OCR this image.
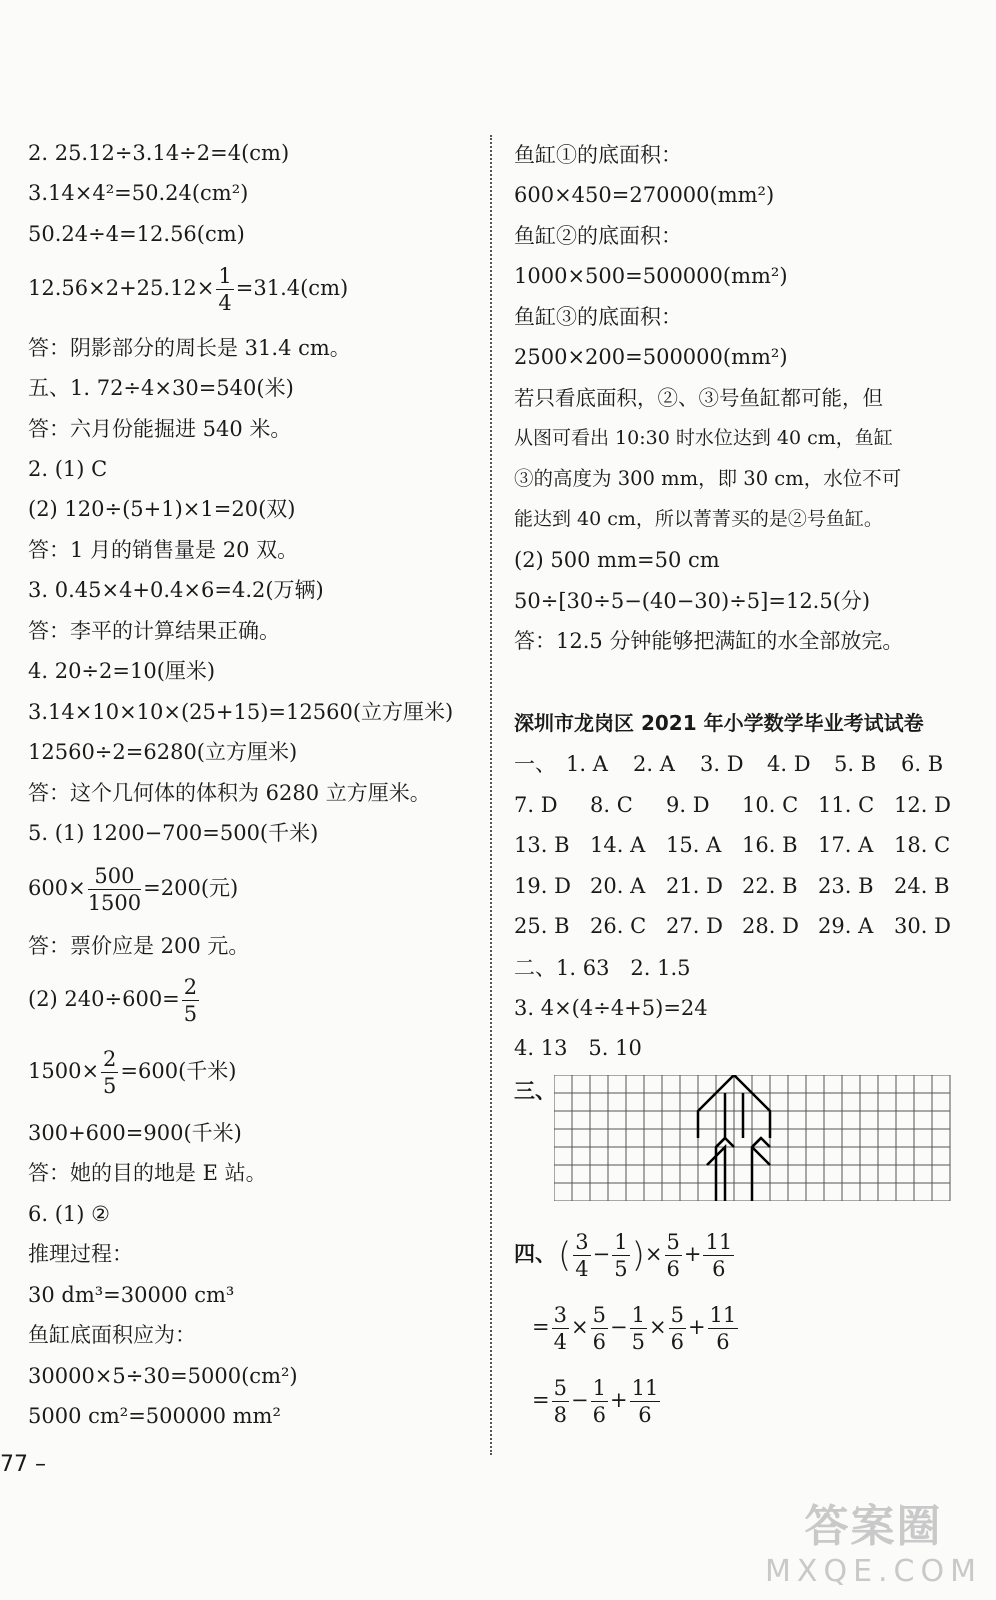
2. 25.12÷3.14÷2=4(cm)
3.14×4²=50.24(cm²)
50.24÷4=12.56(cm)
$12.56\times 2+25.12\times \frac{1}{4} =31.4(cm)$
答：阴影部分的周长是 31.4 cm。
五、1. 72÷4×30=540(米)
答：六月份能掘进 540 米。
2. (1) C
(2) 120÷(5+1)×1=20(双)
答：1 月的销售量是 20 双。
3. 0.45×4+0.4×6=4.2(万辆)
答：李平的计算结果正确。
4. 20÷2=10(厘米)
3.14×10×10×(25+15)=12560(立方厘米)
12560÷2=6280(立方厘米)
答：这个几何体的体积为 6280 立方厘米。
5. (1) 1200−700=500(千米)
$600\times \frac{500}{1500} =200$(元)
答：票价应是 200 元。
(2) $240\div 600= \frac{2}{5}$
$1500\times \frac{2}{5} =600$(千米)
300+600=900(千米)
答：她的目的地是 E 站。
6. (1) ②
推理过程：
30 dm³=30000 cm³
鱼缸底面积应为：
30000×5÷30=5000(cm²)
5000 cm²=500000 mm²
鱼缸①的底面积：
600×450=270000(mm²)
鱼缸②的底面积：
1000×500=500000(mm²)
鱼缸③的底面积：
2500×200=500000(mm²)
若只看底面积，②、③号鱼缸都可能，但
从图可看出 10:30 时水位达到 40 cm，鱼缸
③的高度为 300 mm，即 30 cm，水位不可
能达到 40 cm，所以菁菁买的是②号鱼缸。
(2) 500 mm=50 cm
50÷[30÷5−(40−30)÷5]=12.5(分)
答：12.5 分钟能够把满缸的水全部放完。
深圳市龙岗区 2021 年小学数学毕业考试试卷
一、 1. A	2. A	3. D	4. D	5. B	6. B
7. D	8. C	9. D	10. C 11. C 12. D
13. B 14. A 15. A 16. B 17. A 18. C
19. D 20. A 21. D 22. B 23. B 24. B
25. B 26. C 27. D 28. D 29. A 30. D
二、1. 63　2. 1.5
3. 4×(4÷4+5)=24
4. 13　5. 10
三、
四、 ( $\frac{3}{4} - \frac{1}{5}$ )× $\frac{5}{6} + \frac{11}{6}$
= $\frac{3}{4} \times \frac{5}{6} - \frac{1}{5} \times \frac{5}{6} + \frac{11}{6}$
= $\frac{5}{8} - \frac{1}{6} + \frac{11}{6}$
77 –
答案圈
MXQE.COM
